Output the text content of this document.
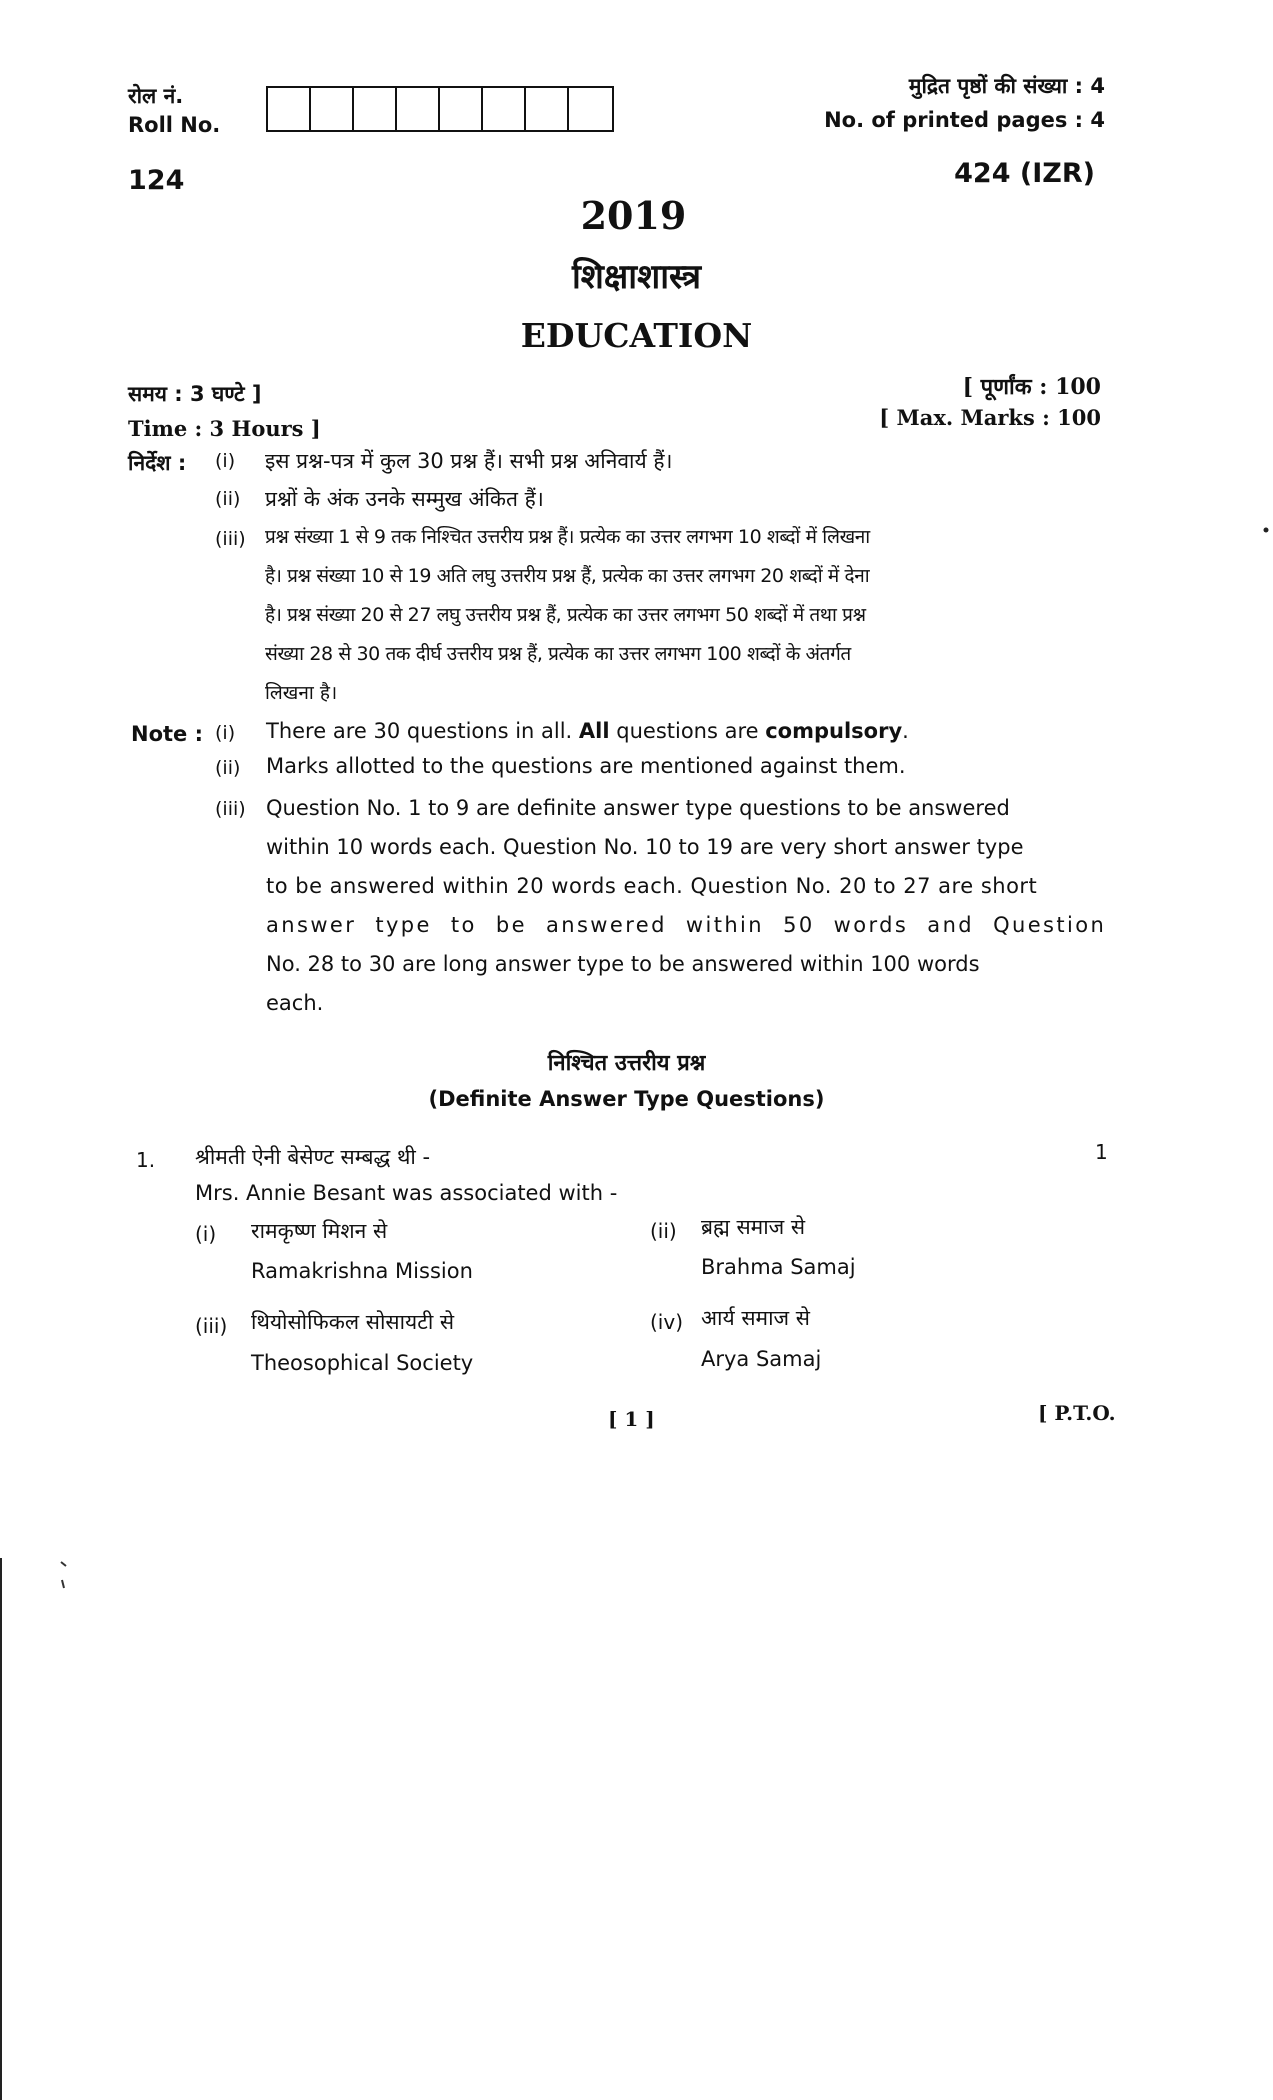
रोल नं.
Roll No.
मुद्रित पृष्ठों की संख्या : 4
No. of printed pages : 4
124	424 (IZR)
2019
शिक्षाशास्त्र
EDUCATION
समय : 3 घण्टे ]
Time : 3 Hours ]
[ पूर्णांक : 100
[ Max. Marks : 100
निर्देश : (i) इस प्रश्न-पत्र में कुल 30 प्रश्न हैं। सभी प्रश्न अनिवार्य हैं।
(ii) प्रश्नों के अंक उनके सम्मुख अंकित हैं।
(iii) प्रश्न संख्या 1 से 9 तक निश्चित उत्तरीय प्रश्न हैं। प्रत्येक का उत्तर लगभग 10 शब्दों में लिखना
है। प्रश्न संख्या 10 से 19 अति लघु उत्तरीय प्रश्न हैं, प्रत्येक का उत्तर लगभग 20 शब्दों में देना
है। प्रश्न संख्या 20 से 27 लघु उत्तरीय प्रश्न हैं, प्रत्येक का उत्तर लगभग 50 शब्दों में तथा प्रश्न
संख्या 28 से 30 तक दीर्घ उत्तरीय प्रश्न हैं, प्रत्येक का उत्तर लगभग 100 शब्दों के अंतर्गत
लिखना है।
Note : (i) There are 30 questions in all. All questions are compulsory.
(ii) Marks allotted to the questions are mentioned against them.
(iii) Question No. 1 to 9 are definite answer type questions to be answered
within 10 words each. Question No. 10 to 19 are very short answer type
to be answered within 20 words each. Question No. 20 to 27 are short
answer type to be answered within 50 words and Question
No. 28 to 30 are long answer type to be answered within 100 words
each.
निश्चित उत्तरीय प्रश्न
(Definite Answer Type Questions)
1. श्रीमती ऐनी बेसेण्ट सम्बद्ध थी -	1
Mrs. Annie Besant was associated with -
(i) रामकृष्ण मिशन से
Ramakrishna Mission
(ii) ब्रह्म समाज से
Brahma Samaj
(iii) थियोसोफिकल सोसायटी से
Theosophical Society
(iv) आर्य समाज से
Arya Samaj
[ 1 ]	[ P.T.O.
